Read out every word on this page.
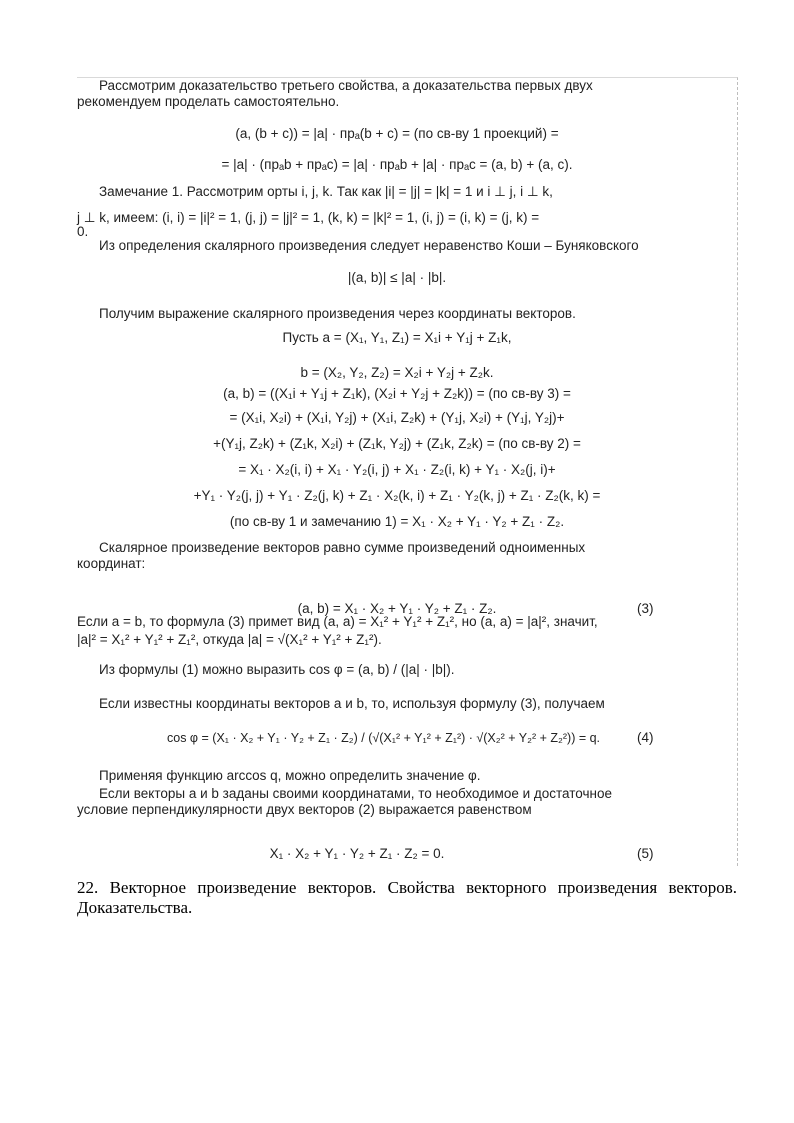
Рассмотрим доказательство третьего свойства, а доказательства первых двух
рекомендуем проделать самостоятельно.
(a, (b + c)) = |a| · прₐ(b + c) = (по св-ву 1 проекций) =
= |a| · (прₐb + прₐc) = |a| · прₐb + |a| · прₐc = (a, b) + (a, c).
Замечание 1. Рассмотрим орты i, j, k. Так как |i| = |j| = |k| = 1 и i ⊥ j, i ⊥ k,
j ⊥ k, имеем: (i, i) = |i|² = 1, (j, j) = |j|² = 1, (k, k) = |k|² = 1, (i, j) = (i, k) = (j, k) =
0.
Из определения скалярного произведения следует неравенство Коши – Буняковского
|(a, b)| ≤ |a| · |b|.
Получим выражение скалярного произведения через координаты векторов.
Пусть a = (X₁, Y₁, Z₁) = X₁i + Y₁j + Z₁k,
b = (X₂, Y₂, Z₂) = X₂i + Y₂j + Z₂k.
(a, b) = ((X₁i + Y₁j + Z₁k), (X₂i + Y₂j + Z₂k)) = (по св-ву 3) =
= (X₁i, X₂i) + (X₁i, Y₂j) + (X₁i, Z₂k) + (Y₁j, X₂i) + (Y₁j, Y₂j)+
+(Y₁j, Z₂k) + (Z₁k, X₂i) + (Z₁k, Y₂j) + (Z₁k, Z₂k) = (по св-ву 2) =
= X₁ · X₂(i, i) + X₁ · Y₂(i, j) + X₁ · Z₂(i, k) + Y₁ · X₂(j, i)+
+Y₁ · Y₂(j, j) + Y₁ · Z₂(j, k) + Z₁ · X₂(k, i) + Z₁ · Y₂(k, j) + Z₁ · Z₂(k, k) =
(по св-ву 1 и замечанию 1) = X₁ · X₂ + Y₁ · Y₂ + Z₁ · Z₂.
Скалярное произведение векторов равно сумме произведений одноименных
координат:
(a, b) = X₁ · X₂ + Y₁ · Y₂ + Z₁ · Z₂.	(3)
Если a = b, то формула (3) примет вид (a, a) = X₁² + Y₁² + Z₁², но (a, a) = |a|², значит,
|a|² = X₁² + Y₁² + Z₁², откуда |a| = √(X₁² + Y₁² + Z₁²).
Из формулы (1) можно выразить cos φ = (a, b) / (|a| · |b|).
Если известны координаты векторов a и b, то, используя формулу (3), получаем
cos φ = (X₁ · X₂ + Y₁ · Y₂ + Z₁ · Z₂) / (√(X₁² + Y₁² + Z₁²) · √(X₂² + Y₂² + Z₂²)) = q.	(4)
Применяя функцию arccos q, можно определить значение φ.
Если векторы a и b заданы своими координатами, то необходимое и достаточное
условие перпендикулярности двух векторов (2) выражается равенством
X₁ · X₂ + Y₁ · Y₂ + Z₁ · Z₂ = 0.	(5)
22. Векторное произведение векторов. Свойства векторного произведения векторов. Доказательства.
